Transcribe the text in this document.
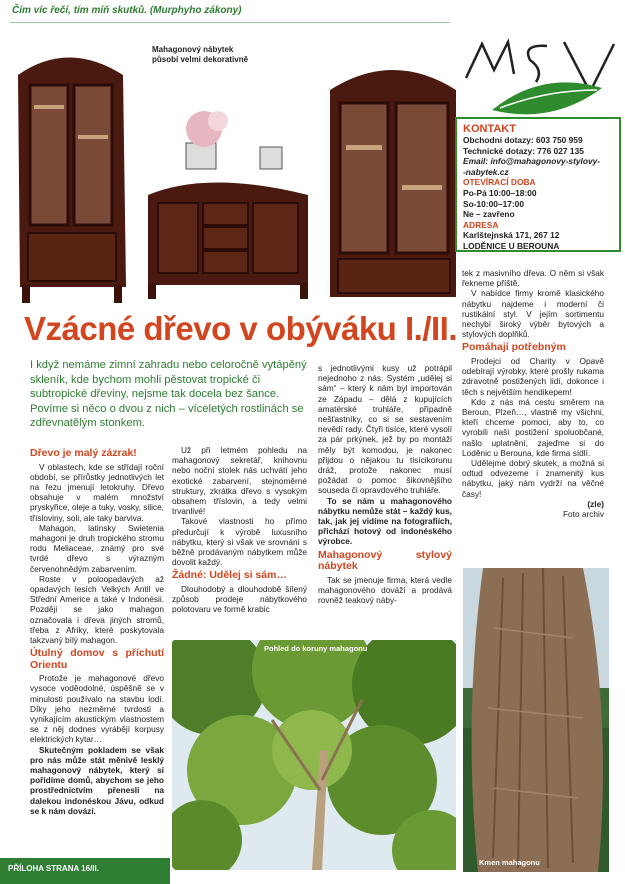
Čím víc řečí, tím míň skutků. (Murphyho zákony)
Mahagonový nábytek
působí velmi dekorativně
MSN
KONTAKT
Obchodní dotazy: 603 750 959
Technické dotazy: 776 027 135
Email: info@mahagonovy-stylovy-
-nabytek.cz
OTEVÍRACÍ DOBA
Po-Pá 10:00–18:00
So-10:00–17:00
Ne – zavřeno
ADRESA
Karlštejnská 171, 267 12
LODĚNICE U BEROUNA
Vzácné dřevo v obýváku I./II.
I když nemáme zimní zahradu nebo celoročně vytápěný skleník, kde bychom mohli pěstovat tropické či subtropické dřeviny, nejsme tak docela bez šance. Povíme si něco o dvou z nich – víceletých rostlinách se zdřevnatělým stonkem.

Dřevo je malý zázrak!

V oblastech, kde se střídají roční období, se přírůstky jednotlivých let na řezu jmenují letokruhy. Dřevo obsahuje v malém množství pryskyřice, oleje a tuky, vosky, silice, třísloviny, soli, ale taky barviva.

Mahagon, latinsky Swietenia mahagoni je druh tropického stromu rodu Meliaceae, známý pro své tvrdé dřevo s výrazným červenohnědým zabarvením.

Roste v poloopadavých až opadavých lesích Velkých Antil ve Střední Americe a také v Indonésii. Později se jako mahagon označovala i dřeva jiných stromů, třeba z Afriky, které poskytovala takzvaný bílý mahagon.

Útulný domov s příchutí Orientu

Protože je mahagonové dřevo vysoce voděodolné, úspěšně se v minulosti používalo na stavbu lodí. Díky jeho nezměrné tvrdosti a vynikajícím akustickým vlastnostem se z něj dodnes vyrábějí korpusy elektrických kytar…

Skutečným pokladem se však pro nás může stát měnivě lesklý mahagonový nábytek, který si pořídíme domů, abychom se jeho prostřednictvím přenesli na dalekou indonéskou Jávu, odkud se k nám dovází.

Už při letmém pohledu na mahagonový sekretář, knihovnu nebo noční stolek nás uchvátí jeho exotické zabarvení, stejnoměrné struktury, zkrátka dřevo s vysokým obsahem tříslovin, a tedy velmi trvanlivé!

Takové vlastnosti ho přímo předurčují k výrobě luxusního nábytku, který si však ve srovnání s běžně prodávaným nábytkem může dovolit každý.

Žádné: Udělej si sám…

Dlouhodobý a dlouhodobě šílený způsob prodeje nábytkového polotovaru ve formě krabic

s jednotlivými kusy už potrápil nejednoho z nás. Systém „udělej si sám“ – který k nám byl importován ze Západu – dělá z kupujících amatérské truhláře, případně nešťastníky, co si se sestavením nevědí rady. Čtyři tisíce, které vysolí za pár prkýnek, jež by po montáži měly být komodou, je nakonec přijdou o nějakou tu tisícikorunu dráž, protože nakonec musí požádat o pomoc šikovnějšího souseda či opravdového truhláře.

To se nám u mahagonového nábytku nemůže stát – každý kus, tak, jak jej vidíme na fotografiích, přichází hotový od indonéského výrobce.

Mahagonový stylový nábytek

Tak se jmenuje firma, která vedle mahagonového dováží a prodává rovněž teakový náby-

tek z masivního dřeva. O něm si však řekneme příště.

V nabídce firmy kromě klasického nábytku najdeme i moderní či rustikální styl. V jejím sortimentu nechybí široký výběr bytových a stylových doplňků.

Pomáhají potřebným

Prodejci od Charity v Opavě odebírají výrobky, které prošly rukama zdravotně postižených lidí, dokonce i těch s největším hendikepem!

Kdo z nás má cestu směrem na Beroun, Plzeň…, vlastně my všichni, kteří chceme pomoci, aby to, co vyrobili naši postižení spoluobčané, našlo uplatnění, zajeďme si do Loděnic u Berouna, kde firma sídlí.

Udělejme dobrý skutek, a možná si odtud odvezeme i znamenitý kus nábytku, jaký nám vydrží na věčné časy!

(zle)

Foto archiv

Pohled do koruny mahagonu
Kmen mahagonu
PŘÍLOHA STRANA 16/II.
